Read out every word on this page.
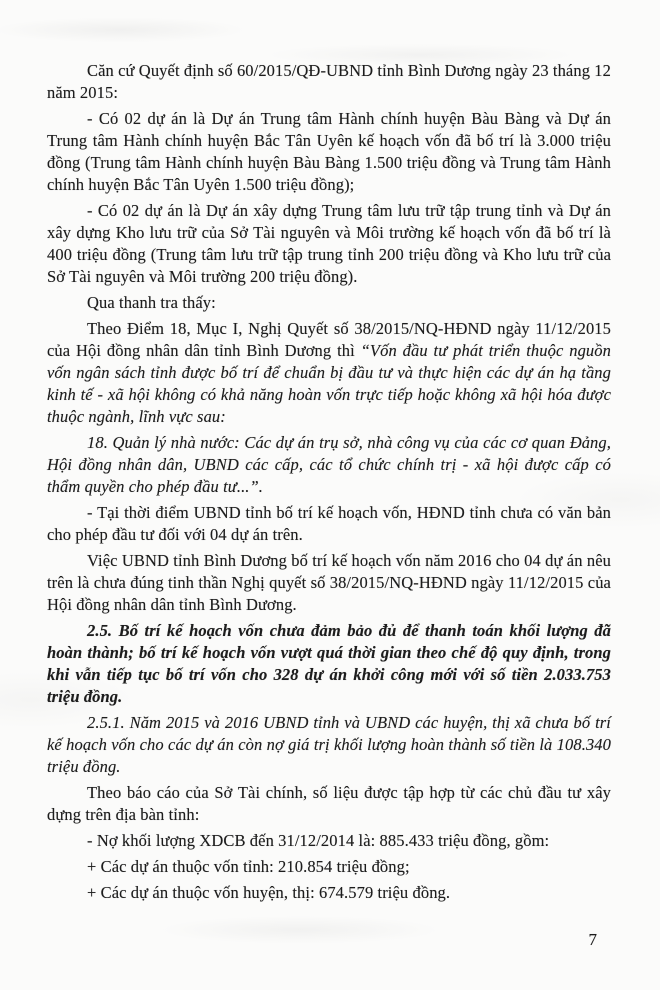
Căn cứ Quyết định số 60/2015/QĐ-UBND tỉnh Bình Dương ngày 23 tháng 12 năm 2015:

- Có 02 dự án là Dự án Trung tâm Hành chính huyện Bàu Bàng và Dự án Trung tâm Hành chính huyện Bắc Tân Uyên kế hoạch vốn đã bố trí là 3.000 triệu đồng (Trung tâm Hành chính huyện Bàu Bàng 1.500 triệu đồng và Trung tâm Hành chính huyện Bắc Tân Uyên 1.500 triệu đồng);

- Có 02 dự án là Dự án xây dựng Trung tâm lưu trữ tập trung tỉnh và Dự án xây dựng Kho lưu trữ của Sở Tài nguyên và Môi trường kế hoạch vốn đã bố trí là 400 triệu đồng (Trung tâm lưu trữ tập trung tỉnh 200 triệu đồng và Kho lưu trữ của Sở Tài nguyên và Môi trường 200 triệu đồng).

Qua thanh tra thấy:

Theo Điểm 18, Mục I, Nghị Quyết số 38/2015/NQ-HĐND ngày 11/12/2015 của Hội đồng nhân dân tỉnh Bình Dương thì “Vốn đầu tư phát triển thuộc nguồn vốn ngân sách tỉnh được bố trí để chuẩn bị đầu tư và thực hiện các dự án hạ tầng kinh tế - xã hội không có khả năng hoàn vốn trực tiếp hoặc không xã hội hóa được thuộc ngành, lĩnh vực sau:

18. Quản lý nhà nước: Các dự án trụ sở, nhà công vụ của các cơ quan Đảng, Hội đồng nhân dân, UBND các cấp, các tổ chức chính trị - xã hội được cấp có thẩm quyền cho phép đầu tư...”.

- Tại thời điểm UBND tỉnh bố trí kế hoạch vốn, HĐND tỉnh chưa có văn bản cho phép đầu tư đối với 04 dự án trên.

Việc UBND tỉnh Bình Dương bố trí kế hoạch vốn năm 2016 cho 04 dự án nêu trên là chưa đúng tinh thần Nghị quyết số 38/2015/NQ-HĐND ngày 11/12/2015 của Hội đồng nhân dân tỉnh Bình Dương.

2.5. Bố trí kế hoạch vốn chưa đảm bảo đủ để thanh toán khối lượng đã hoàn thành; bố trí kế hoạch vốn vượt quá thời gian theo chế độ quy định, trong khi vẫn tiếp tục bố trí vốn cho 328 dự án khởi công mới với số tiền 2.033.753 triệu đồng.

2.5.1. Năm 2015 và 2016 UBND tỉnh và UBND các huyện, thị xã chưa bố trí kế hoạch vốn cho các dự án còn nợ giá trị khối lượng hoàn thành số tiền là 108.340 triệu đồng.

Theo báo cáo của Sở Tài chính, số liệu được tập hợp từ các chủ đầu tư xây dựng trên địa bàn tỉnh:

- Nợ khối lượng XDCB đến 31/12/2014 là: 885.433 triệu đồng, gồm:

+ Các dự án thuộc vốn tỉnh: 210.854 triệu đồng;

+ Các dự án thuộc vốn huyện, thị: 674.579 triệu đồng.

7
